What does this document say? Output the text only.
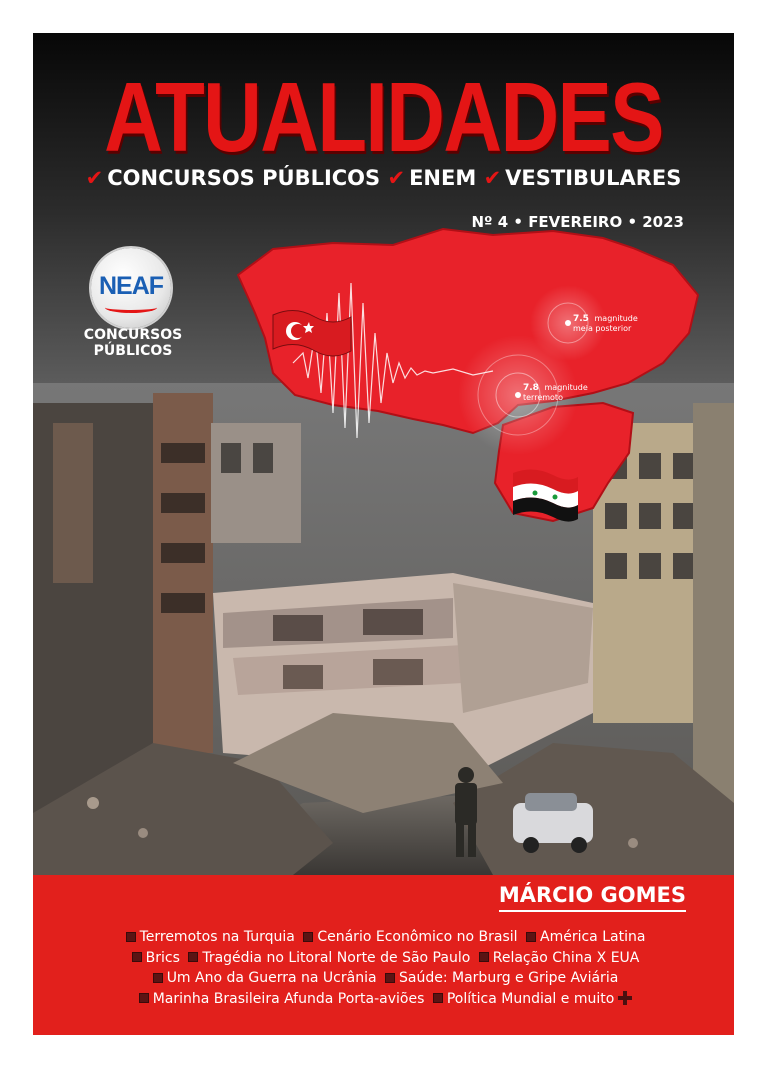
ATUALIDADES
✔ CONCURSOS PÚBLICOS ✔ ENEM ✔ VESTIBULARES
Nº 4 • FEVEREIRO • 2023
NEAF
CONCURSOS
PÚBLICOS
7.5 magnitude
meia posterior
7.8 magnitude
terremoto
MÁRCIO GOMES
Terremotos na Turquia Cenário Econômico no Brasil América Latina
Brics Tragédia no Litoral Norte de São Paulo Relação China X EUA
Um Ano da Guerra na Ucrânia Saúde: Marburg e Gripe Aviária
Marinha Brasileira Afunda Porta-aviões Política Mundial e muito
